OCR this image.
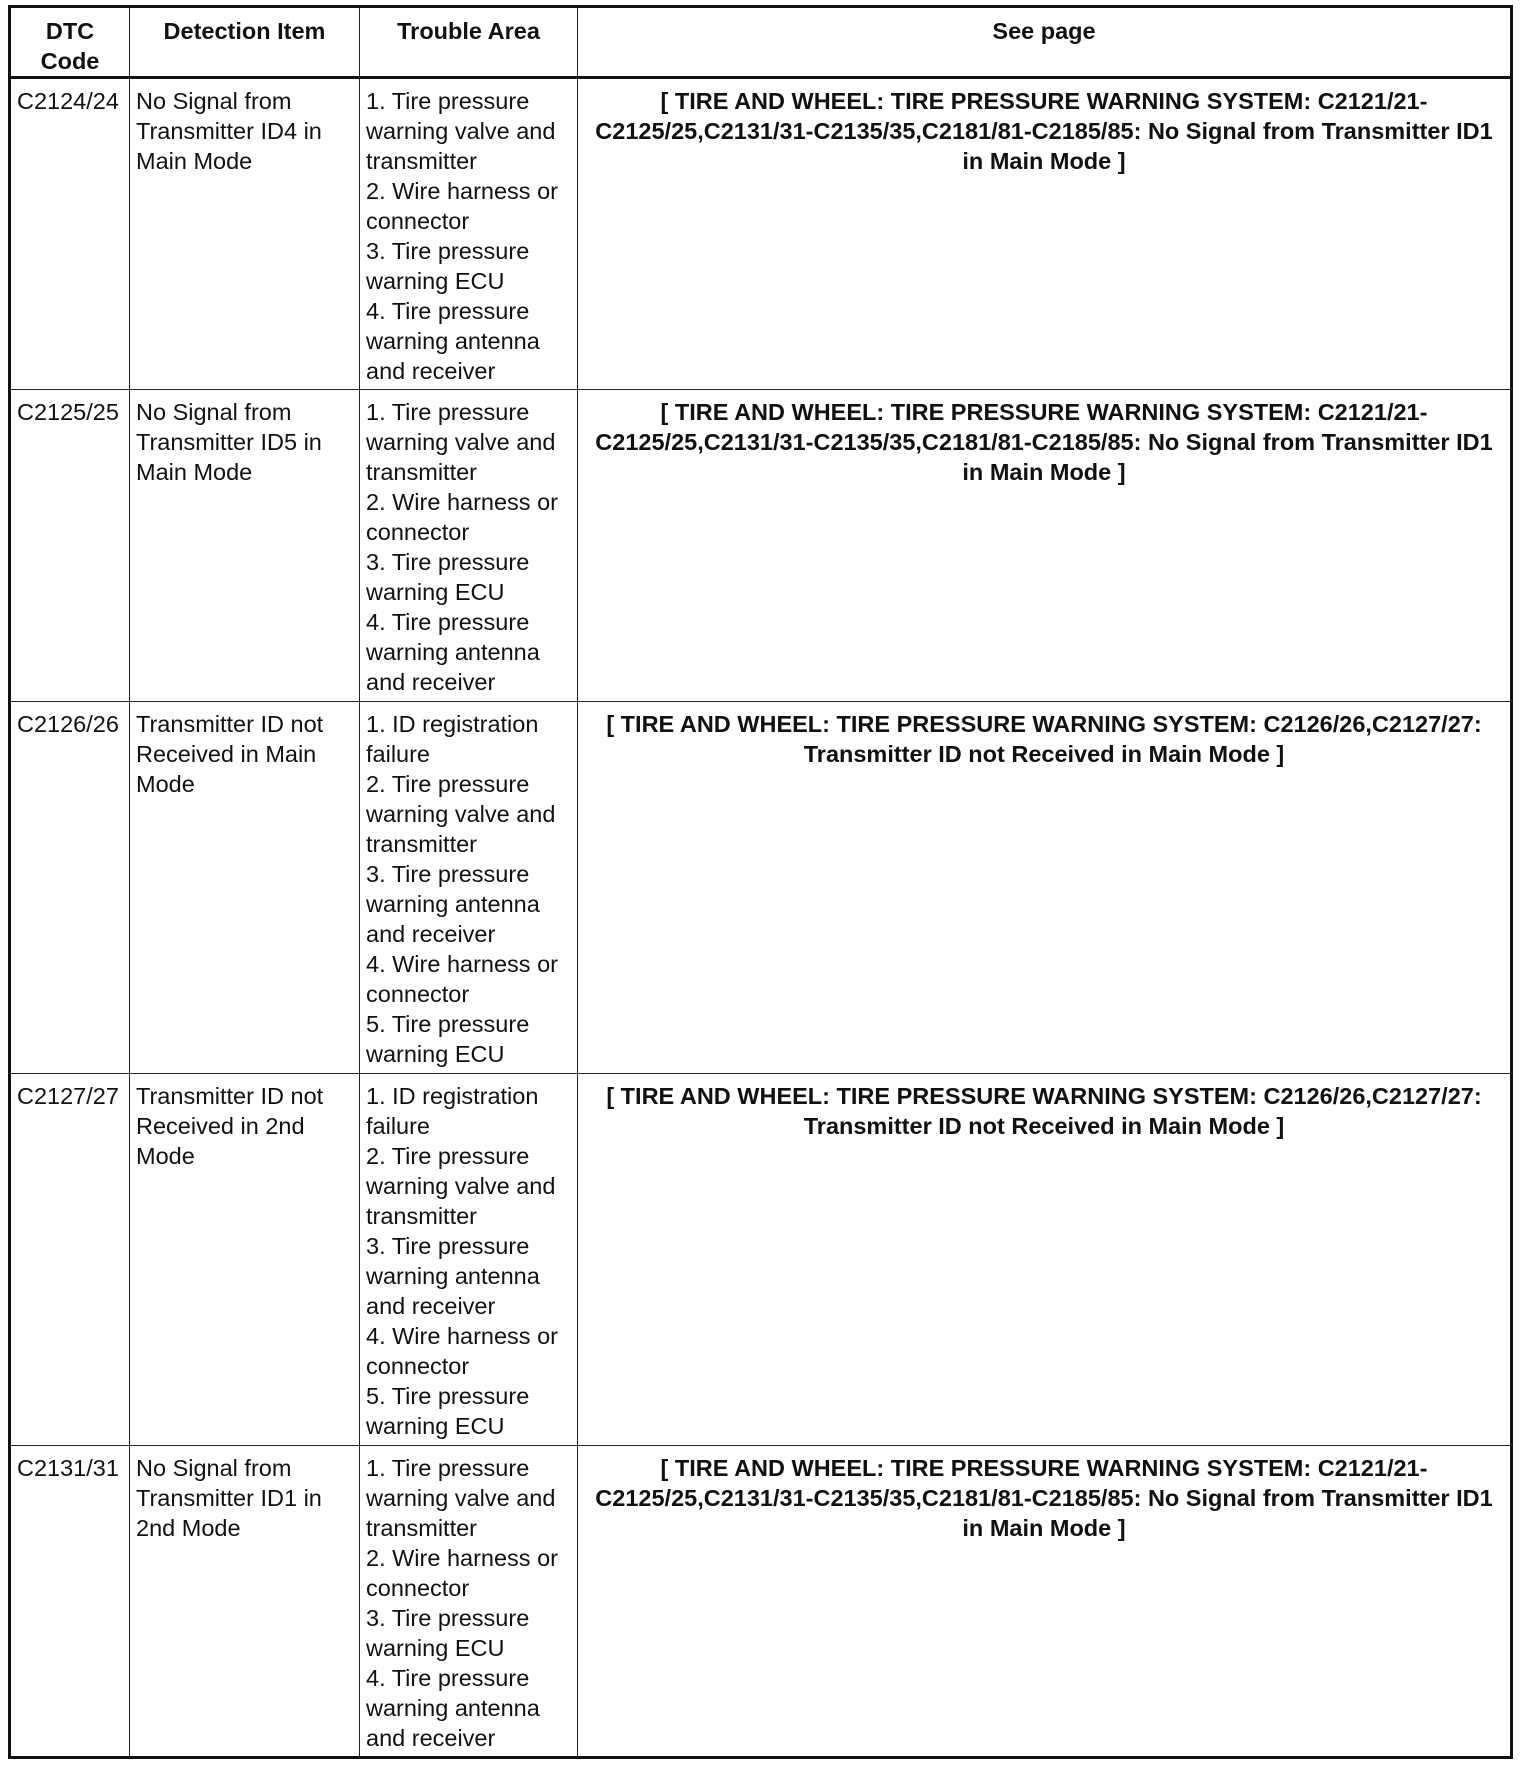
DTC
Code	Detection Item	Trouble Area	See page
C2124/24	No Signal from Transmitter ID4 in Main Mode	1. Tire pressure warning valve and transmitter
2. Wire harness or connector
3. Tire pressure warning ECU
4. Tire pressure warning antenna and receiver	[ TIRE AND WHEEL: TIRE PRESSURE WARNING SYSTEM: C2121/21-C2125/25,C2131/31-C2135/35,C2181/81-C2185/85: No Signal from Transmitter ID1 in Main Mode ]
C2125/25	No Signal from Transmitter ID5 in Main Mode	1. Tire pressure warning valve and transmitter
2. Wire harness or connector
3. Tire pressure warning ECU
4. Tire pressure warning antenna and receiver	[ TIRE AND WHEEL: TIRE PRESSURE WARNING SYSTEM: C2121/21-C2125/25,C2131/31-C2135/35,C2181/81-C2185/85: No Signal from Transmitter ID1 in Main Mode ]
C2126/26	Transmitter ID not Received in Main Mode	1. ID registration failure
2. Tire pressure warning valve and transmitter
3. Tire pressure warning antenna and receiver
4. Wire harness or connector
5. Tire pressure warning ECU	[ TIRE AND WHEEL: TIRE PRESSURE WARNING SYSTEM: C2126/26,C2127/27: Transmitter ID not Received in Main Mode ]
C2127/27	Transmitter ID not Received in 2nd Mode	1. ID registration failure
2. Tire pressure warning valve and transmitter
3. Tire pressure warning antenna and receiver
4. Wire harness or connector
5. Tire pressure warning ECU	[ TIRE AND WHEEL: TIRE PRESSURE WARNING SYSTEM: C2126/26,C2127/27: Transmitter ID not Received in Main Mode ]
C2131/31	No Signal from Transmitter ID1 in 2nd Mode	1. Tire pressure warning valve and transmitter
2. Wire harness or connector
3. Tire pressure warning ECU
4. Tire pressure warning antenna and receiver	[ TIRE AND WHEEL: TIRE PRESSURE WARNING SYSTEM: C2121/21-C2125/25,C2131/31-C2135/35,C2181/81-C2185/85: No Signal from Transmitter ID1 in Main Mode ]
